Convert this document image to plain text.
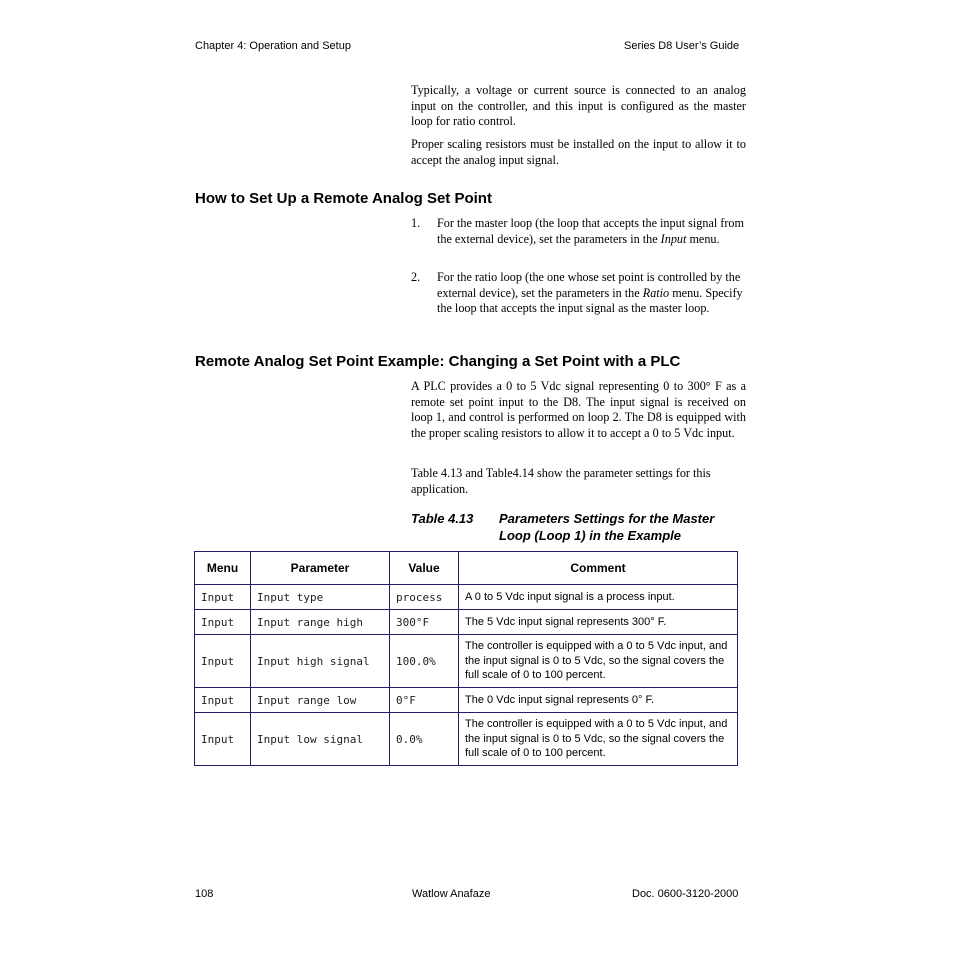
Chapter 4: Operation and Setup	Series D8 User’s Guide

Typically, a voltage or current source is connected to an analog input on the controller, and this input is configured as the master loop for ratio control.

Proper scaling resistors must be installed on the input to allow it to accept the analog input signal.

How to Set Up a Remote Analog Set Point
1. For the master loop (the loop that accepts the input signal from the external device), set the parameters in the Input menu.
2. For the ratio loop (the one whose set point is controlled by the external device), set the parameters in the Ratio menu. Specify the loop that accepts the input signal as the master loop.
Remote Analog Set Point Example: Changing a Set Point with a PLC

A PLC provides a 0 to 5 Vdc signal representing 0 to 300° F as a remote set point input to the D8. The input signal is received on loop 1, and control is performed on loop 2. The D8 is equipped with the proper scaling resistors to allow it to accept a 0 to 5 Vdc input.

Table 4.13 and Table4.14 show the parameter settings for this application.

Table 4.13 Parameters Settings for the Master Loop (Loop 1) in the Example
Menu	Parameter	Value	Comment
Input	Input type	process	A 0 to 5 Vdc input signal is a process input.
Input	Input range high	300°F	The 5 Vdc input signal represents 300° F.
Input	Input high signal	100.0%	The controller is equipped with a 0 to 5 Vdc input, and the input signal is 0 to 5 Vdc, so the signal covers the full scale of 0 to 100 percent.
Input	Input range low	0°F	The 0 Vdc input signal represents 0° F.
Input	Input low signal	0.0%	The controller is equipped with a 0 to 5 Vdc input, and the input signal is 0 to 5 Vdc, so the signal covers the full scale of 0 to 100 percent.
108	Watlow Anafaze	Doc. 0600-3120-2000
